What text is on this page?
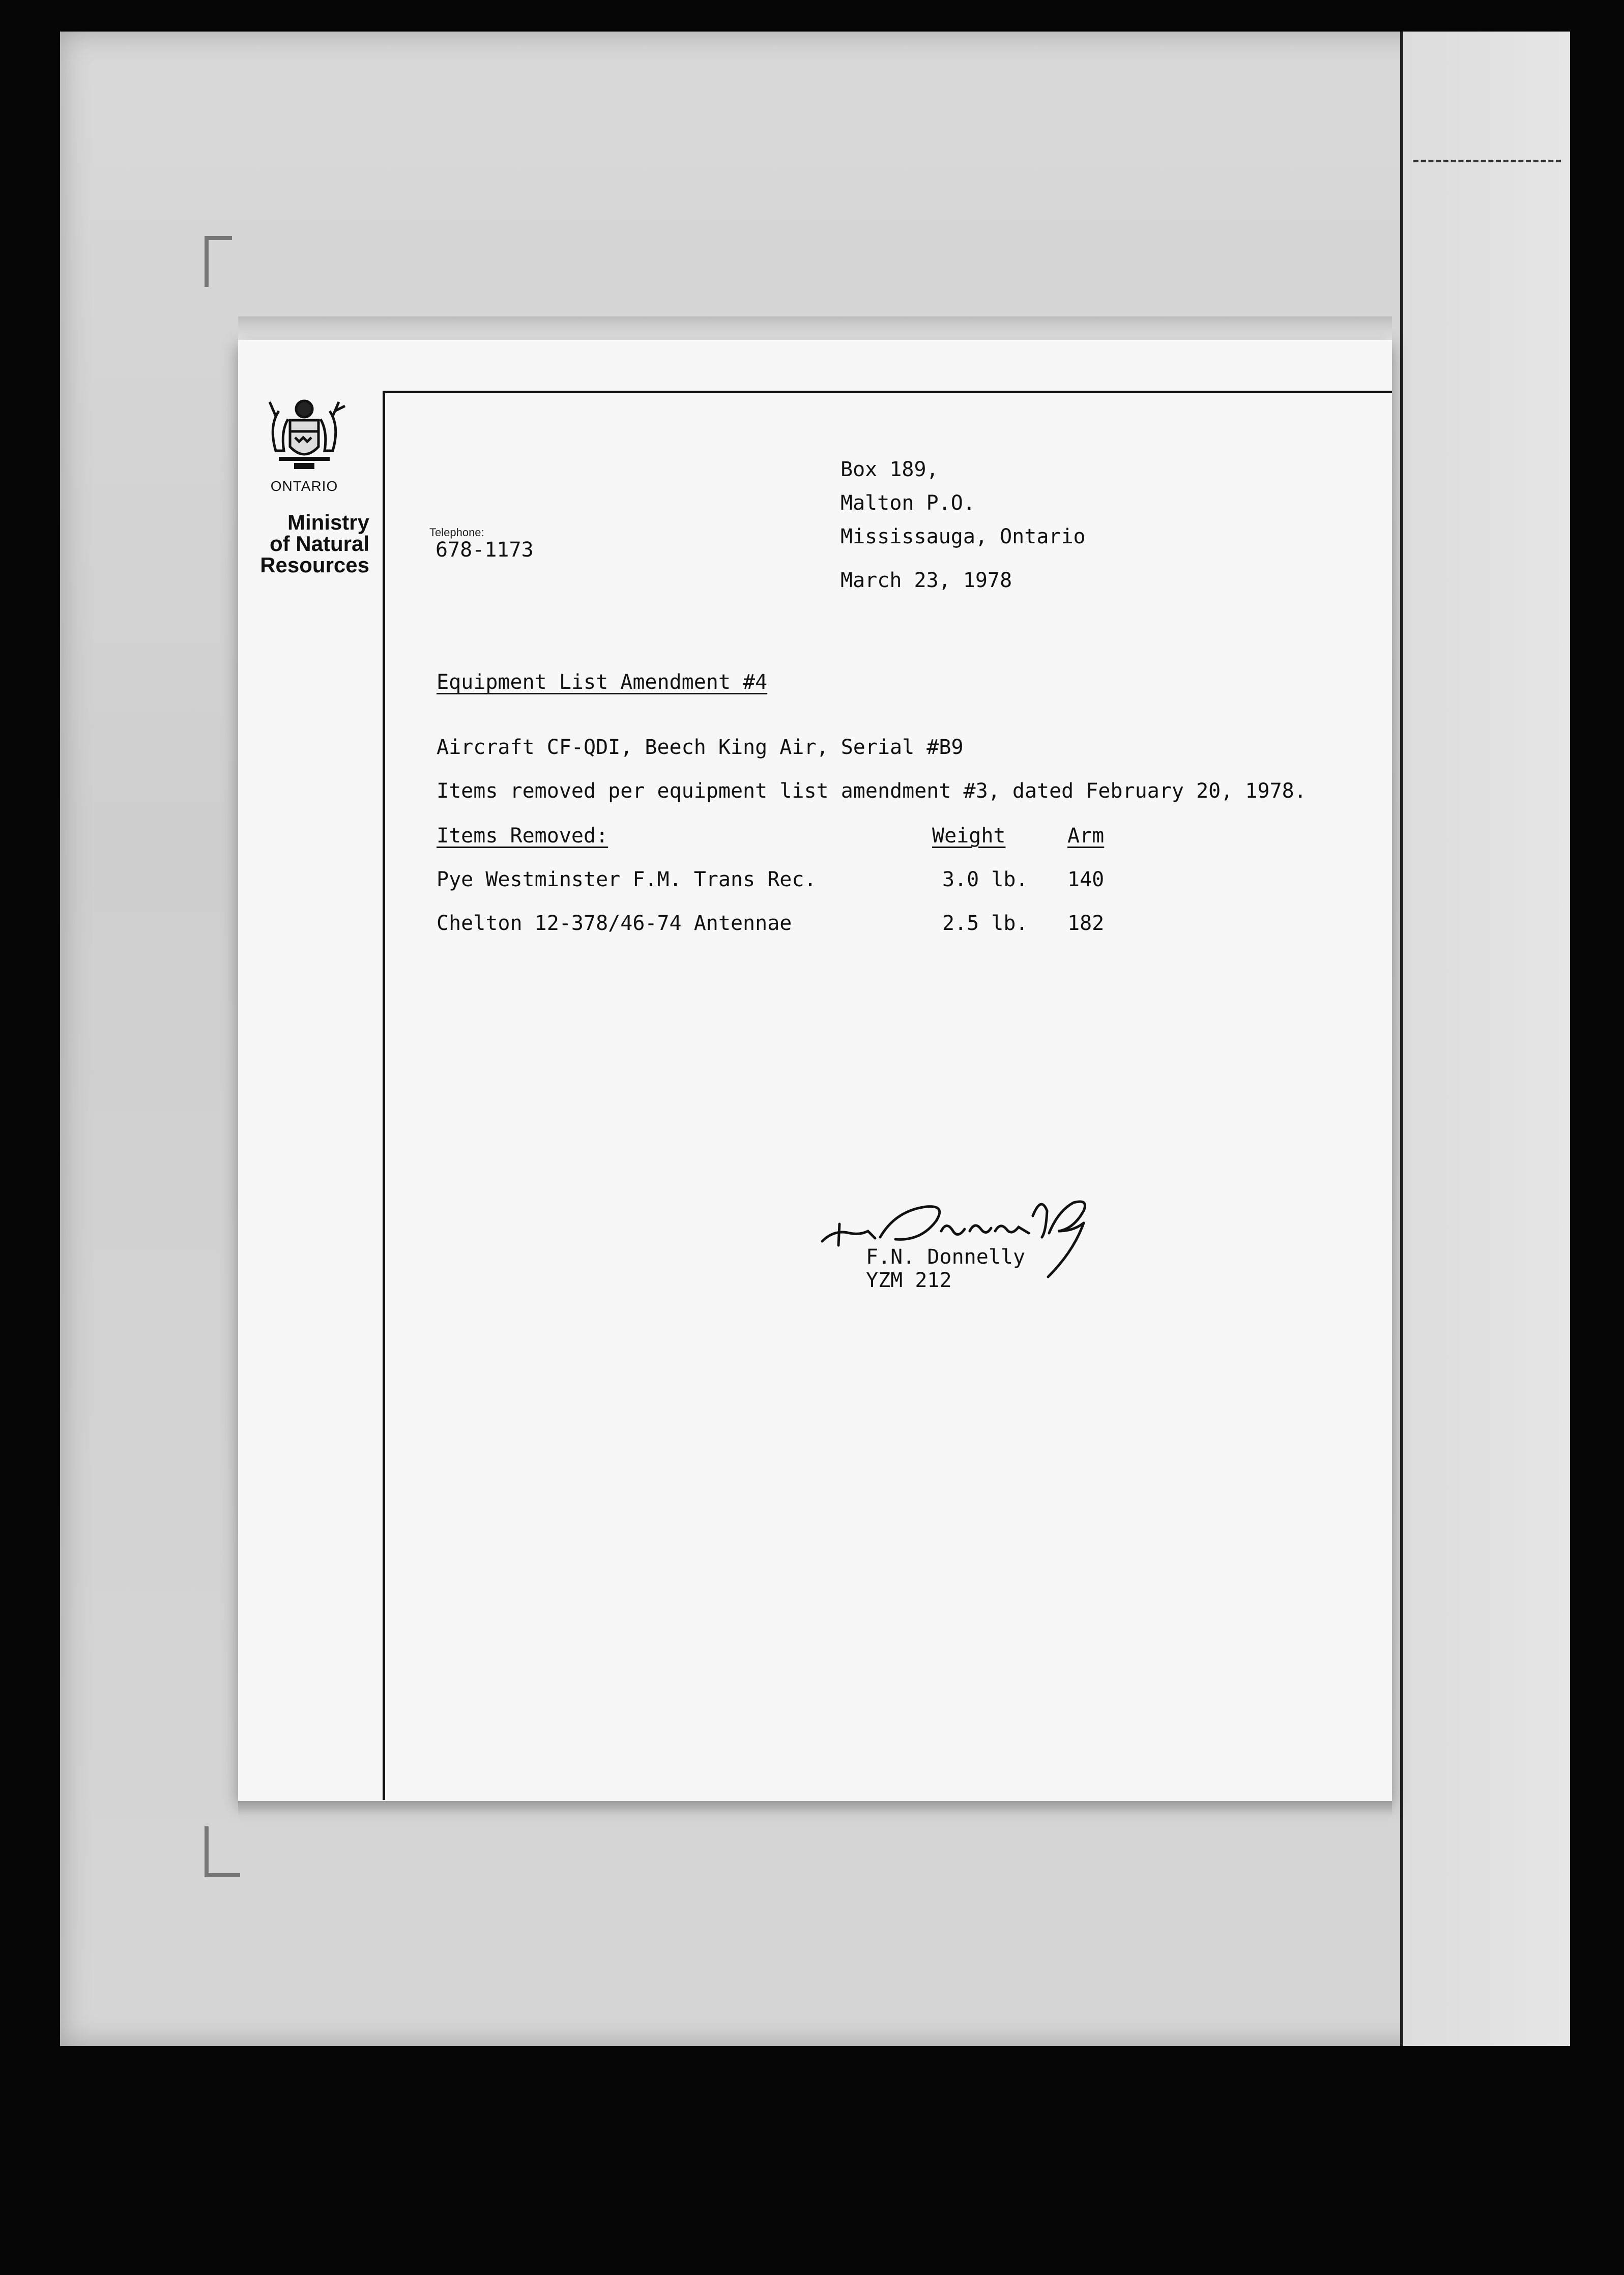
ONTARIO
Ministry
of Natural
Resources
Telephone:
678-1173
Box 189,
Malton P.O.
Mississauga, Ontario
March 23, 1978
Equipment List Amendment #4
Aircraft CF-QDI, Beech King Air, Serial #B9
Items removed per equipment list amendment #3, dated February 20, 1978.
Items Removed:	Weight	Arm
Pye Westminster F.M. Trans Rec.	3.0 lb. 140
Chelton 12-378/46-74 Antennae	2.5 lb. 182
F.N. Donnelly
YZM 212
